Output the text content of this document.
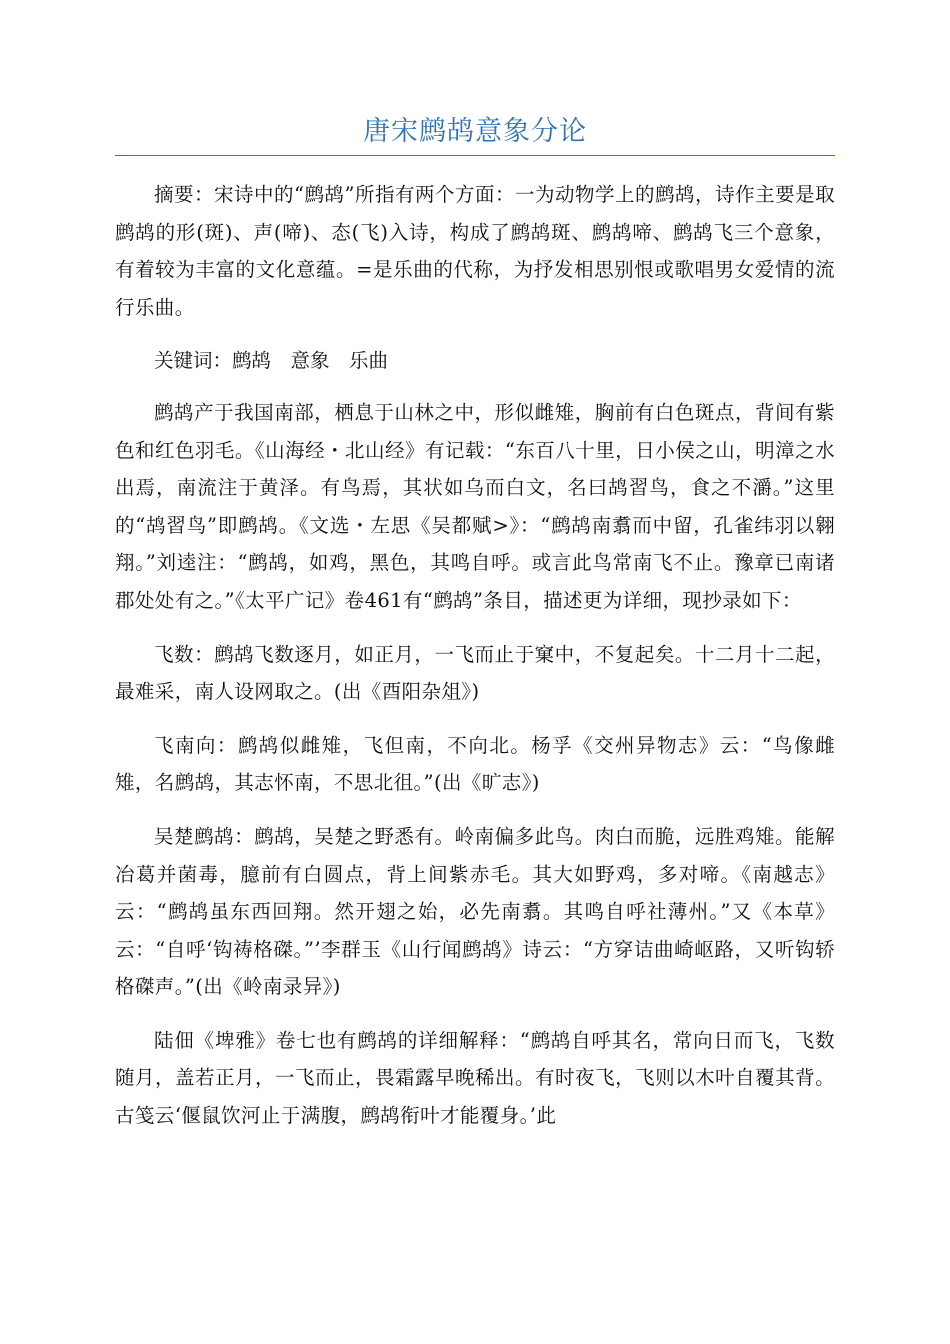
唐宋鹧鸪意象分论

摘要：宋诗中的“鹧鸪”所指有两个方面：一为动物学上的鹧鸪，诗作主要是取鹧鸪的形(斑)、声(啼)、态(飞)入诗，构成了鹧鸪斑、鹧鸪啼、鹧鸪飞三个意象，有着较为丰富的文化意蕴。=是乐曲的代称，为抒发相思别恨或歌唱男女爱情的流行乐曲。

关键词：鹧鸪　意象　乐曲

鹧鸪产于我国南部，栖息于山林之中，形似雌雉，胸前有白色斑点，背间有紫色和红色羽毛。《山海经・北山经》有记载：“东百八十里，日小侯之山，明漳之水出焉，南流注于黄泽。有鸟焉，其状如乌而白文，名曰鸪習鸟，食之不灂。”这里的“鸪習鸟”即鹧鸪。《文选・左思《吴都赋>》：“鹧鸪南翥而中留，孔雀纬羽以翱翔。”刘逵注：“鹧鸪，如鸡，黑色，其鸣自呼。或言此鸟常南飞不止。豫章已南诸郡处处有之。”《太平广记》卷461有“鹧鸪”条目，描述更为详细，现抄录如下：

飞数：鹧鸪飞数逐月，如正月，一飞而止于窠中，不复起矣。十二月十二起，最难采，南人设网取之。(出《酉阳杂俎》)

飞南向：鹧鸪似雌雉，飞但南，不向北。杨孚《交州异物志》云：“鸟像雌雉，名鹧鸪，其志怀南，不思北徂。”(出《旷志》)

吴楚鹧鸪：鹧鸪，吴楚之野悉有。岭南偏多此鸟。肉白而脆，远胜鸡雉。能解冶葛并菌毒，臆前有白圆点，背上间紫赤毛。其大如野鸡，多对啼。《南越志》云：“鹧鸪虽东西回翔。然开翅之始，必先南翥。其鸣自呼社薄州。”又《本草》云：“自呼‘钩祷格磔。”’李群玉《山行闻鹧鸪》诗云：“方穿诘曲崎岖路，又听钩轿格磔声。”(出《岭南录异》)

陆佃《埤雅》卷七也有鹧鸪的详细解释：“鹧鸪自呼其名，常向日而飞，飞数随月，盖若正月，一飞而止，畏霜露早晚稀出。有时夜飞，飞则以木叶自覆其背。古笺云‘偃鼠饮河止于满腹，鹧鸪衔叶才能覆身。’此
